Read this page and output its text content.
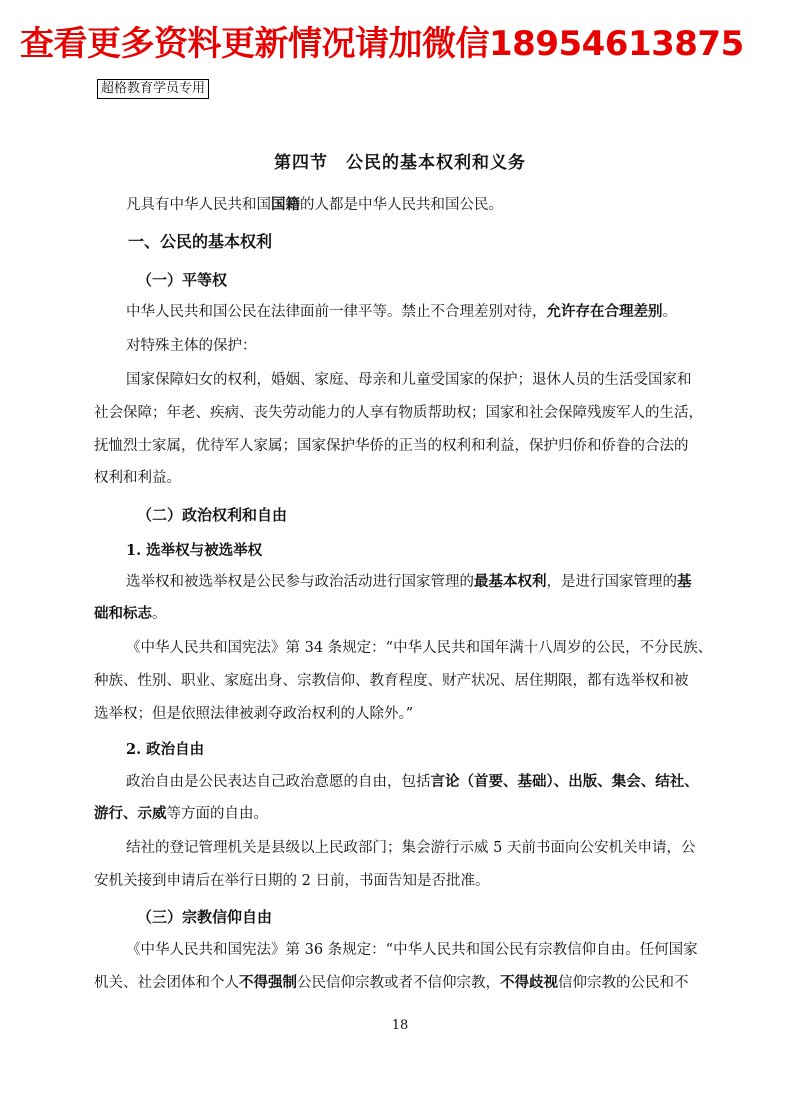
查看更多资料更新情况请加微信18954613875
超格教育学员专用
第四节　公民的基本权利和义务
凡具有中华人民共和国国籍的人都是中华人民共和国公民。
一、公民的基本权利
（一）平等权
中华人民共和国公民在法律面前一律平等。禁止不合理差别对待，允许存在合理差别。
对特殊主体的保护：
国家保障妇女的权利，婚姻、家庭、母亲和儿童受国家的保护；退休人员的生活受国家和
社会保障；年老、疾病、丧失劳动能力的人享有物质帮助权；国家和社会保障残废军人的生活，
抚恤烈士家属，优待军人家属；国家保护华侨的正当的权利和利益，保护归侨和侨眷的合法的
权利和利益。
（二）政治权利和自由
1. 选举权与被选举权
选举权和被选举权是公民参与政治活动进行国家管理的最基本权利，是进行国家管理的基
础和标志。
《中华人民共和国宪法》第 34 条规定：“中华人民共和国年满十八周岁的公民，不分民族、
种族、性别、职业、家庭出身、宗教信仰、教育程度、财产状况、居住期限，都有选举权和被
选举权；但是依照法律被剥夺政治权利的人除外。”
2. 政治自由
政治自由是公民表达自己政治意愿的自由，包括言论（首要、基础）、出版、集会、结社、
游行、示威等方面的自由。
结社的登记管理机关是县级以上民政部门；集会游行示威 5 天前书面向公安机关申请，公
安机关接到申请后在举行日期的 2 日前，书面告知是否批准。
（三）宗教信仰自由
《中华人民共和国宪法》第 36 条规定：“中华人民共和国公民有宗教信仰自由。任何国家
机关、社会团体和个人不得强制公民信仰宗教或者不信仰宗教，不得歧视信仰宗教的公民和不
18
